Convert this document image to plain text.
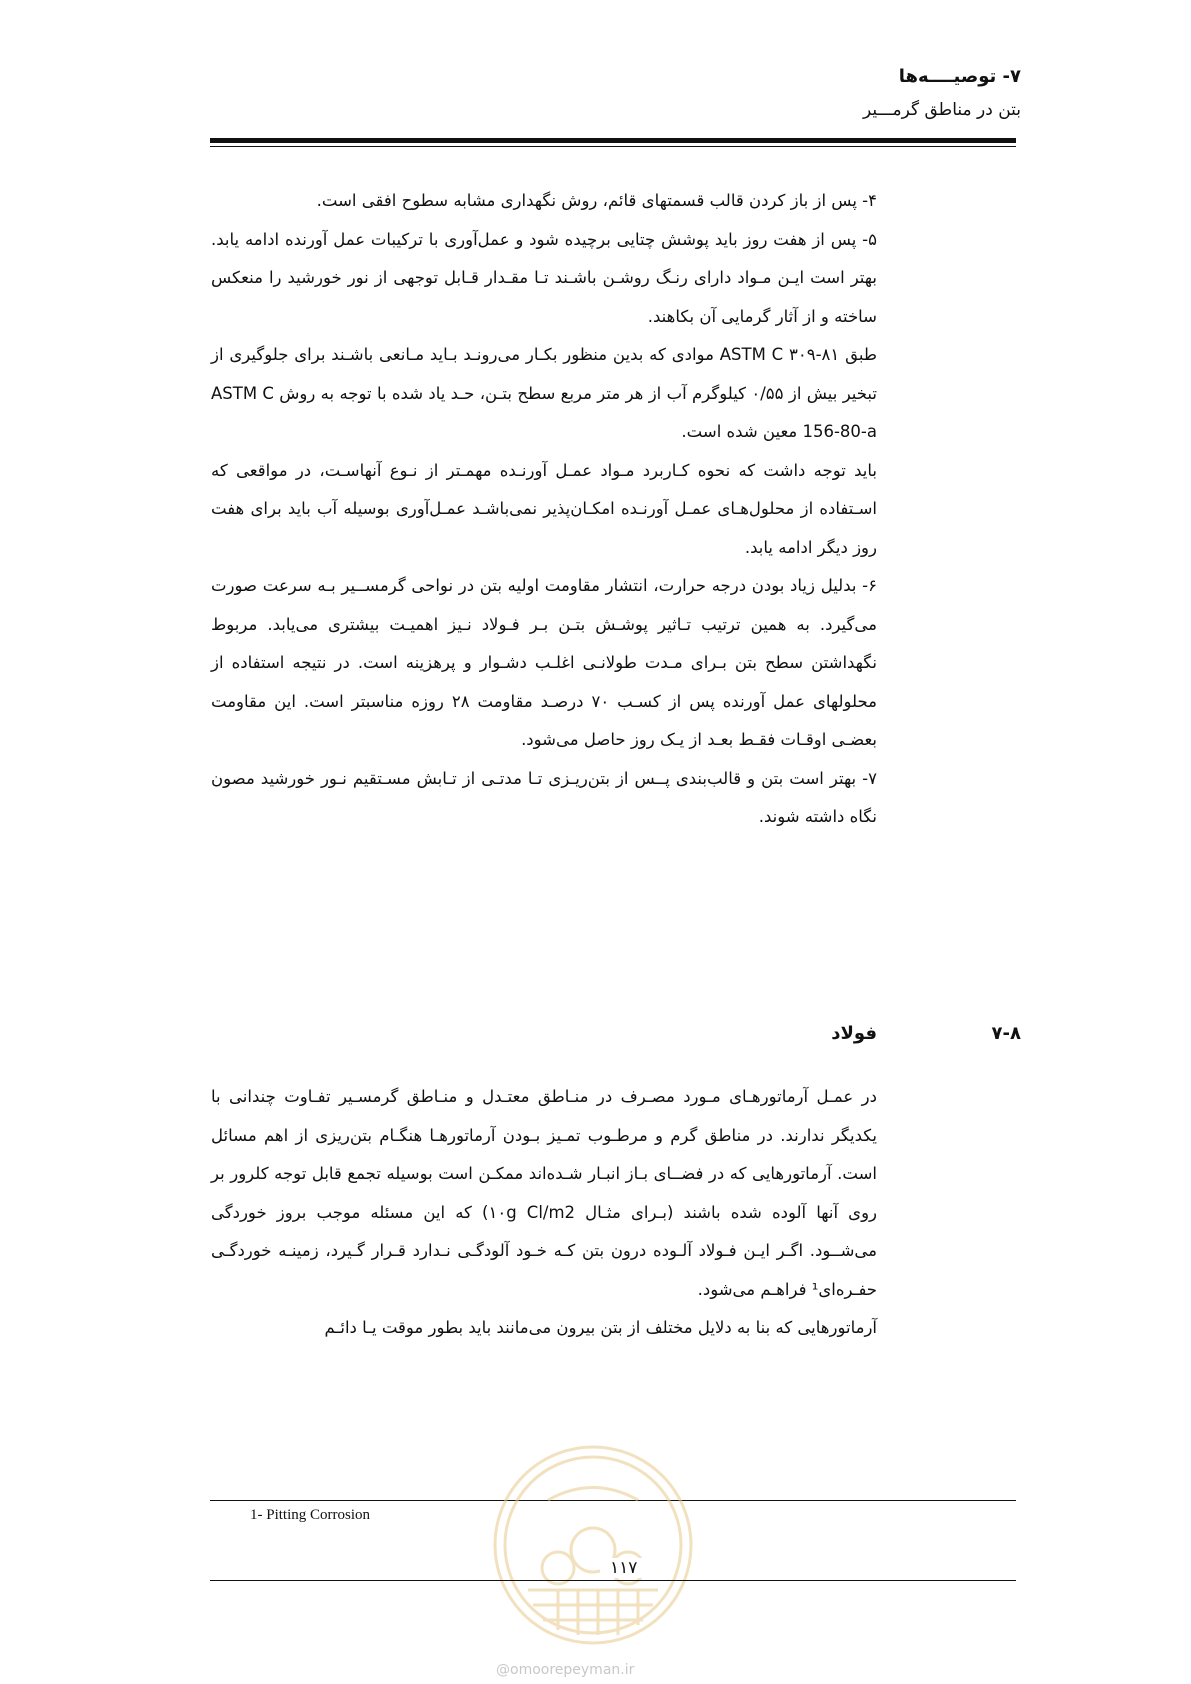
۷- توصیــــه‌ها
بتن در مناطق گرمـــیر

۴- پس از باز کردن قالب قسمتهای قائم، روش نگهداری مشابه سطوح افقی است.

۵- پس از هفت روز باید پوشش چتایی برچیده شود و عمل‌آوری با ترکیبات عمل آورنده ادامه یابد. بهتر است ایـن مـواد دارای رنـگ روشـن باشـند تـا مقـدار قـابل توجهی از نور خورشید را منعکس ساخته و از آثار گرمایی آن بکاهند.

طبق ASTM C ۳۰۹-۸۱ موادی که بدین منظور بکـار می‌رونـد بـاید مـانعی باشـند برای جلوگیری از تبخیر بیش از ۰/۵۵ کیلوگرم آب از هر متر مربع سطح بتـن، حـد یاد شده با توجه به روش ASTM C 156-80-a معین شده است.

باید توجه داشت که نحوه کـاربرد مـواد عمـل آورنـده مهمـتر از نـوع آنهاسـت، در مواقعی که اسـتفاده از محلول‌هـای عمـل آورنـده امکـان‌پذیر نمی‌باشـد عمـل‌آوری بوسیله آب باید برای هفت روز دیگر ادامه یابد.

۶- بدلیل زیاد بودن درجه حرارت، انتشار مقاومت اولیه بتن در نواحی گرمســیر بـه سرعت صورت می‌گیرد. به همین ترتیب تـاثیر پوشـش بتـن بـر فـولاد نـیز اهمیـت بیشتری می‌یابد. مربوط نگهداشتن سطح بتن بـرای مـدت طولانـی اغلـب دشـوار و پرهزینه است. در نتیجه استفاده از محلولهای عمل آورنده پس از کسـب ۷۰ درصـد مقاومت ۲۸ روزه مناسبتر است. این مقاومت بعضـی اوقـات فقـط بعـد از یـک روز حاصل می‌شود.

۷- بهتر است بتن و قالب‌بندی پــس از بتن‌ریـزی تـا مدتـی از تـابش مسـتقیم نـور خورشید مصون نگاه داشته شوند.

۷-۸
فولاد

در عمـل آرماتورهـای مـورد مصـرف در منـاطق معتـدل و منـاطق گرمسـیر تفـاوت چندانی با یکدیگر ندارند. در مناطق گرم و مرطـوب تمـیز بـودن آرماتورهـا هنگـام بتن‌ریزی از اهم مسائل است. آرماتورهایی که در فضــای بـاز انبـار شـده‌اند ممکـن است بوسیله تجمع قابل توجه کلرور بر روی آنها آلوده شده باشند (بـرای مثـال ۱۰g Cl/m2) که این مسئله موجب بروز خوردگی می‌شــود. اگـر ایـن فـولاد آلـوده درون بتن کـه خـود آلودگـی نـدارد قـرار گـیرد، زمینـه خوردگـی حفـره‌ای¹ فراهـم می‌شود.

آرماتورهایی که بنا به دلایل مختلف از بتن بیرون می‌مانند باید بطور موقت یـا دائـم

1- Pitting Corrosion
۱۱۷
@omoorepeyman.ir
